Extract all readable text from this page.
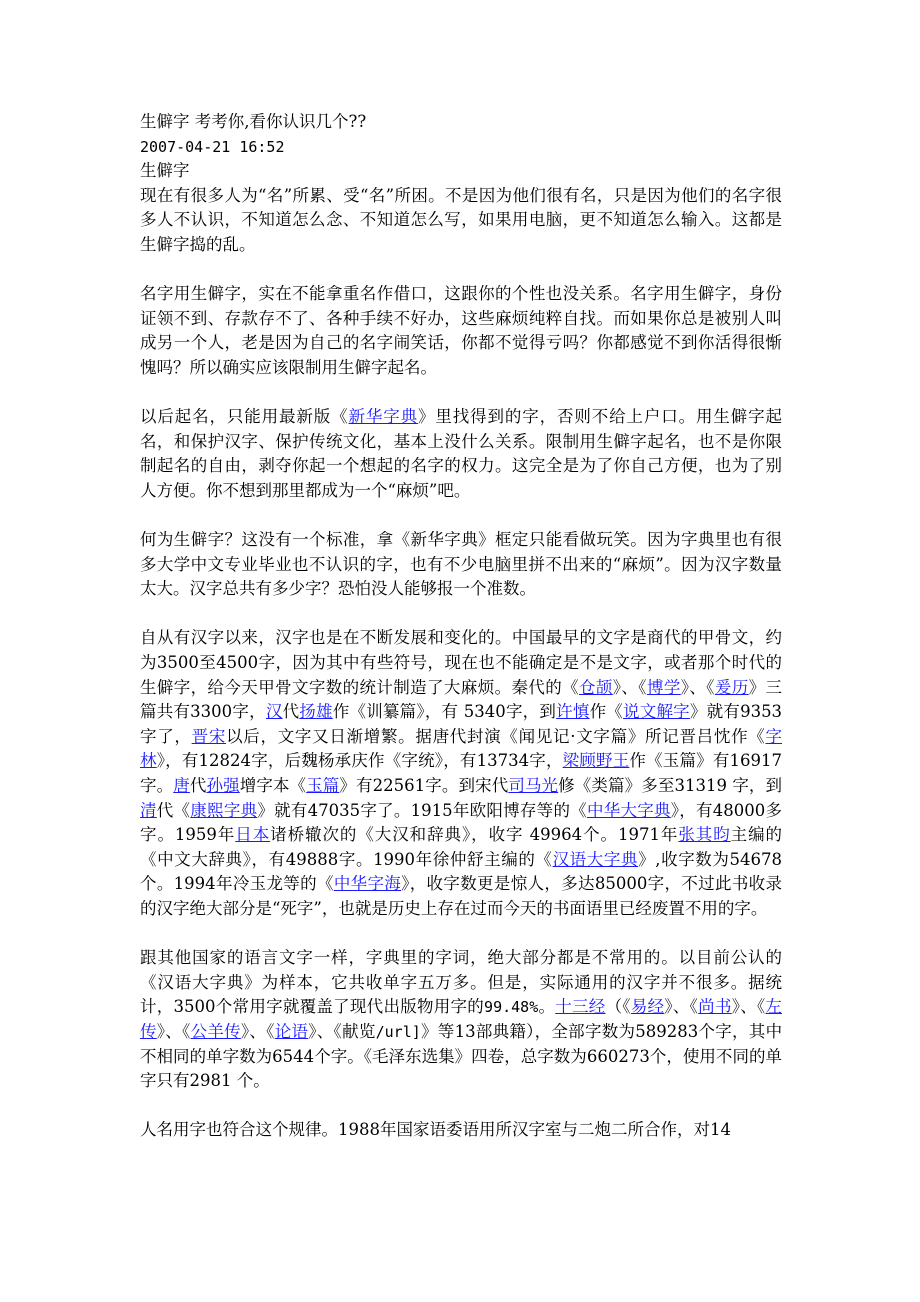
生僻字 考考你,看你认识几个??
2007-04-21 16:52
生僻字

现在有很多人为“名”所累、受“名”所困。不是因为他们很有名，只是因为他们的名字很多人不认识，不知道怎么念、不知道怎么写，如果用电脑，更不知道怎么输入。这都是生僻字捣的乱。

名字用生僻字，实在不能拿重名作借口，这跟你的个性也没关系。名字用生僻字，身份证领不到、存款存不了、各种手续不好办，这些麻烦纯粹自找。而如果你总是被别人叫成另一个人，老是因为自己的名字闹笑话，你都不觉得亏吗？你都感觉不到你活得很惭愧吗？所以确实应该限制用生僻字起名。

以后起名，只能用最新版《新华字典》里找得到的字，否则不给上户口。用生僻字起名，和保护汉字、保护传统文化，基本上没什么关系。限制用生僻字起名，也不是你限制起名的自由，剥夺你起一个想起的名字的权力。这完全是为了你自己方便，也为了别人方便。你不想到那里都成为一个“麻烦”吧。

何为生僻字？这没有一个标准，拿《新华字典》框定只能看做玩笑。因为字典里也有很多大学中文专业毕业也不认识的字，也有不少电脑里拼不出来的“麻烦”。因为汉字数量太大。汉字总共有多少字？恐怕没人能够报一个准数。

自从有汉字以来，汉字也是在不断发展和变化的。中国最早的文字是商代的甲骨文，约为3500至4500字，因为其中有些符号，现在也不能确定是不是文字，或者那个时代的生僻字，给今天甲骨文字数的统计制造了大麻烦。秦代的《仓颉》、《博学》、《爰历》三篇共有3300字，汉代扬雄作《训纂篇》，有 5340字，到许慎作《说文解字》就有9353字了，晋宋以后，文字又日渐增繁。据唐代封演《闻见记·文字篇》所记晋吕忱作《字林》，有12824字，后魏杨承庆作《字统》，有13734字，梁顾野王作《玉篇》有16917字。唐代孙强增字本《玉篇》有22561字。到宋代司马光修《类篇》多至31319 字，到清代《康熙字典》就有47035字了。1915年欧阳博存等的《中华大字典》，有48000多字。1959年日本诸桥辙次的《大汉和辞典》，收字 49964个。1971年张其昀主编的《中文大辞典》，有49888字。1990年徐仲舒主编的《汉语大字典》,收字数为54678个。1994年冷玉龙等的《中华字海》，收字数更是惊人，多达85000字，不过此书收录的汉字绝大部分是“死字”，也就是历史上存在过而今天的书面语里已经废置不用的字。

跟其他国家的语言文字一样，字典里的字词，绝大部分都是不常用的。以目前公认的《汉语大字典》为样本，它共收单字五万多。但是，实际通用的汉字并不很多。据统计，3500个常用字就覆盖了现代出版物用字的99.48%。十三经（《易经》、《尚书》、《左传》、《公羊传》、《论语》、《献览/url]》等13部典籍），全部字数为589283个字，其中不相同的单字数为6544个字。《毛泽东选集》四卷，总字数为660273个，使用不同的单字只有2981 个。

人名用字也符合这个规律。1988年国家语委语用所汉字室与二炮二所合作，对14
